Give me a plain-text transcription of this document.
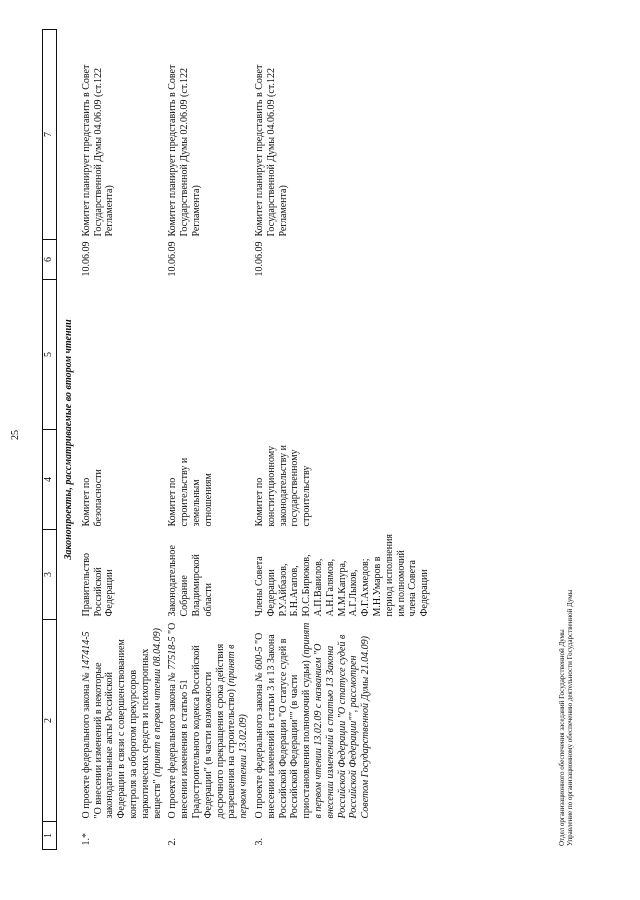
25
1	2	3	4	5	6	7
Законопроекты, рассматриваемые во втором чтении						
1.*	О проекте федерального закона № 147414-5 "О внесении изменений в некоторые законодательные акты Российской Федерации в связи с совершенствованием контроля за оборотом прекурсоров наркотических средств и психотропных веществ" (принят в первом чтении 08.04.09)	Правительство Российской Федерации	Комитет по безопасности		10.06.09	Комитет планирует представить в Совет Государственной Думы 04.06.09 (ст.122 Регламента)
2.	О проекте федерального закона № 77518-5 "О внесении изменения в статью 51 Градостроительного кодекса Российской Федерации" (в части возможности досрочного прекращения срока действия разрешения на строительство) (принят в первом чтении 13.02.09)	Законодательное Собрание Владимирской области	Комитет по строительству и земельным отношениям		10.06.09	Комитет планирует представить в Совет Государственной Думы 02.06.09 (ст.122 Регламента)
3.	О проекте федерального закона № 600-5 "О внесении изменений в статьи 3 и 13 Закона Российской Федерации "О статусе судей в Российской Федерации"" (в части приостановления полномочий судьи) (принят в первом чтении 13.02.09 с названием "О внесении изменений в статью 13 Закона Российской Федерации "О статусе судей в Российской Федерации"", рассмотрен Советом Государственной Думы 21.04.09)	Члены Совета Федерации Р.У.Айбазов, Б.Н.Агапов, Ю.С.Бирюков, А.П.Вавилов, А.Н.Галямов, М.М.Капура, А.Г.Лыков, Ф.Г.Ахмедов; М.Н.Умаров в период исполнения им полномочий члена Совета Федерации	Комитет по конституционному законодательству и государственному строительству		10.06.09	Комитет планирует представить в Совет Государственной Думы 04.06.09 (ст.122 Регламента)
Отдел организационного обеспечения заседаний Государственной Думы Управление по организационному обеспечению деятельности Государственной Думы
